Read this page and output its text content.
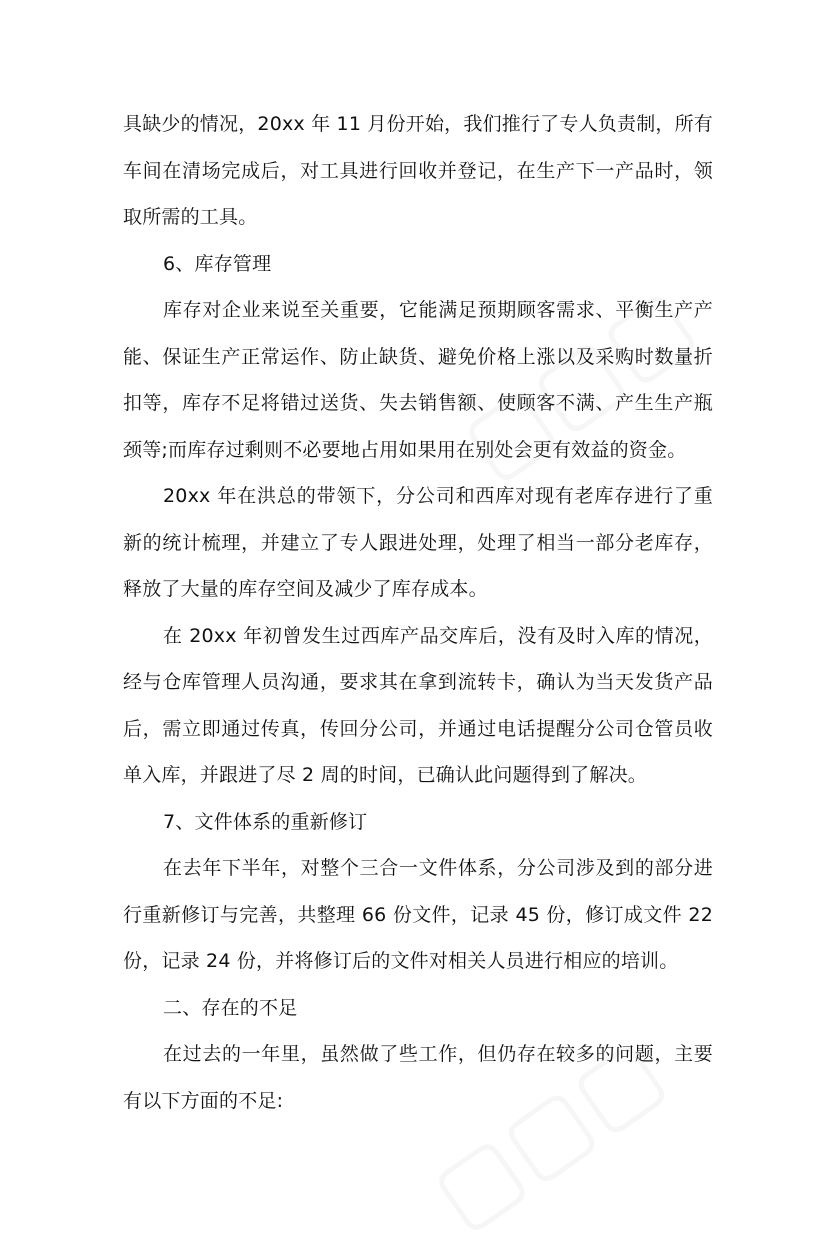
具缺少的情况，20xx 年 11 月份开始，我们推行了专人负责制，所有车间在清场完成后，对工具进行回收并登记，在生产下一产品时，领取所需的工具。

6、库存管理

库存对企业来说至关重要，它能满足预期顾客需求、平衡生产产能、保证生产正常运作、防止缺货、避免价格上涨以及采购时数量折扣等，库存不足将错过送货、失去销售额、使顾客不满、产生生产瓶颈等;而库存过剩则不必要地占用如果用在别处会更有效益的资金。

20xx 年在洪总的带领下，分公司和西库对现有老库存进行了重新的统计梳理，并建立了专人跟进处理，处理了相当一部分老库存，释放了大量的库存空间及减少了库存成本。

在 20xx 年初曾发生过西库产品交库后，没有及时入库的情况，经与仓库管理人员沟通，要求其在拿到流转卡，确认为当天发货产品后，需立即通过传真，传回分公司，并通过电话提醒分公司仓管员收单入库，并跟进了尽 2 周的时间，已确认此问题得到了解决。

7、文件体系的重新修订

在去年下半年，对整个三合一文件体系，分公司涉及到的部分进行重新修订与完善，共整理 66 份文件，记录 45 份，修订成文件 22份，记录 24 份，并将修订后的文件对相关人员进行相应的培训。

二、存在的不足

在过去的一年里，虽然做了些工作，但仍存在较多的问题，主要有以下方面的不足:
